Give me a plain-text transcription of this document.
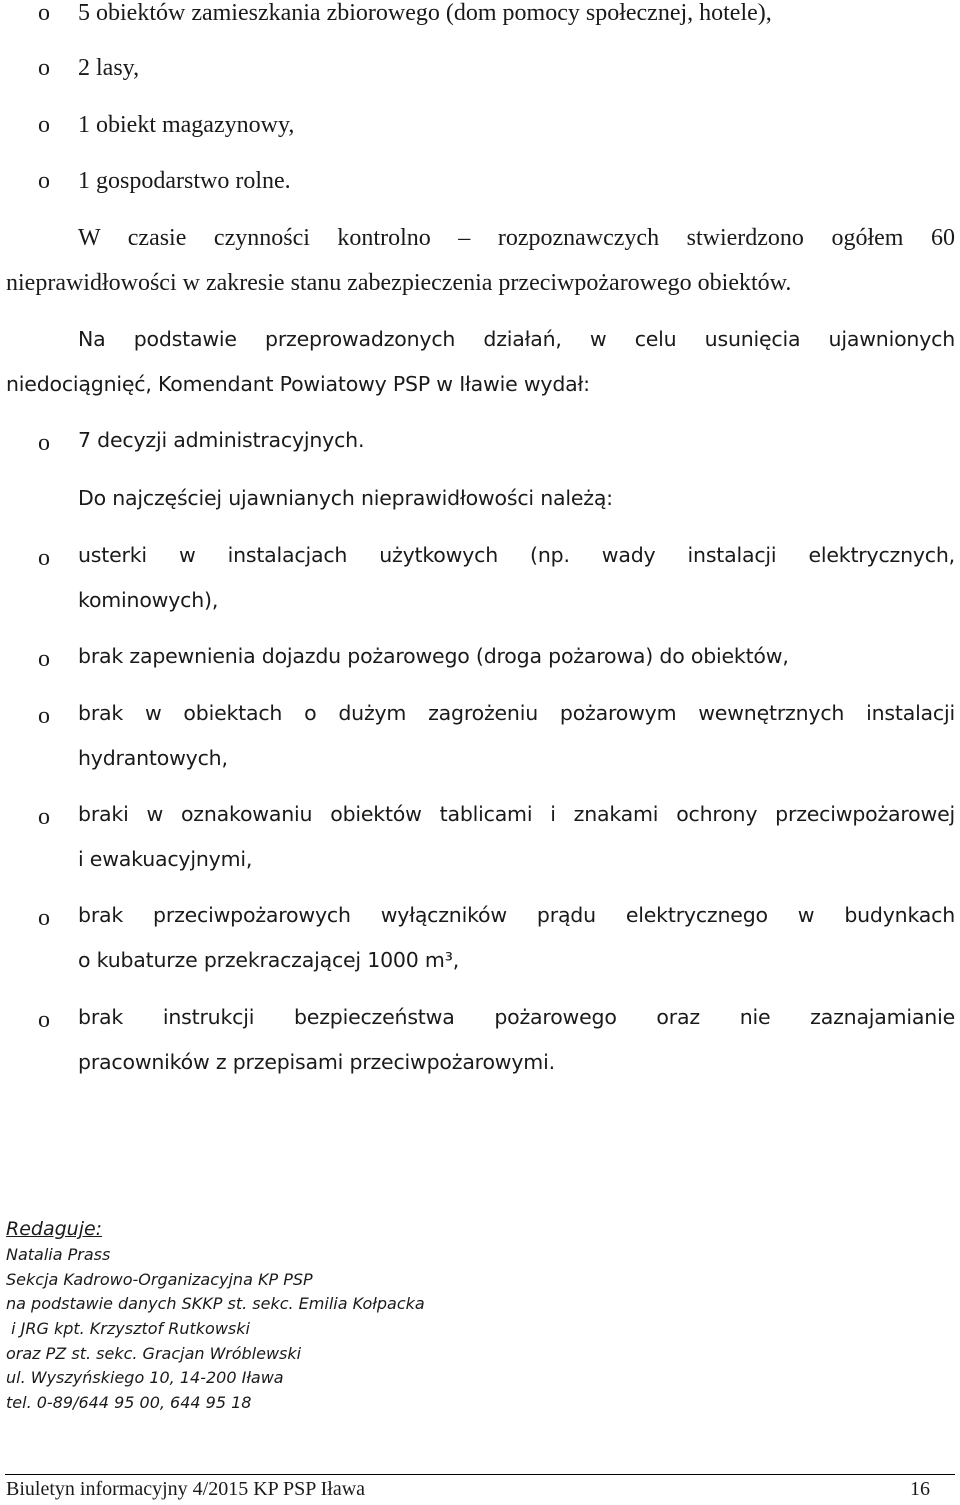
o 5 obiektów zamieszkania zbiorowego (dom pomocy społecznej, hotele),
o 2 lasy,
o 1 obiekt magazynowy,
o 1 gospodarstwo rolne.
W czasie czynności kontrolno – rozpoznawczych stwierdzono ogółem 60
nieprawidłowości w zakresie stanu zabezpieczenia przeciwpożarowego obiektów.
Na podstawie przeprowadzonych działań, w celu usunięcia ujawnionych
niedociągnięć, Komendant Powiatowy PSP w Iławie wydał:
o 7 decyzji administracyjnych.
Do najczęściej ujawnianych nieprawidłowości należą:
o usterki w instalacjach użytkowych (np. wady instalacji elektrycznych,
kominowych),
o brak zapewnienia dojazdu pożarowego (droga pożarowa) do obiektów,
o brak w obiektach o dużym zagrożeniu pożarowym wewnętrznych instalacji
hydrantowych,
o braki w oznakowaniu obiektów tablicami i znakami ochrony przeciwpożarowej
i ewakuacyjnymi,
o brak przeciwpożarowych wyłączników prądu elektrycznego w budynkach
o kubaturze przekraczającej 1000 m³,
o brak instrukcji bezpieczeństwa pożarowego oraz nie zaznajamianie
pracowników z przepisami przeciwpożarowymi.
Redaguje:
Natalia Prass
Sekcja Kadrowo-Organizacyjna KP PSP
na podstawie danych SKKP st. sekc. Emilia Kołpacka
i JRG kpt. Krzysztof Rutkowski
oraz PZ st. sekc. Gracjan Wróblewski
ul. Wyszyńskiego 10, 14-200 Iława
tel. 0-89/644 95 00, 644 95 18
Biuletyn informacyjny 4/2015 KP PSP Iława	16
